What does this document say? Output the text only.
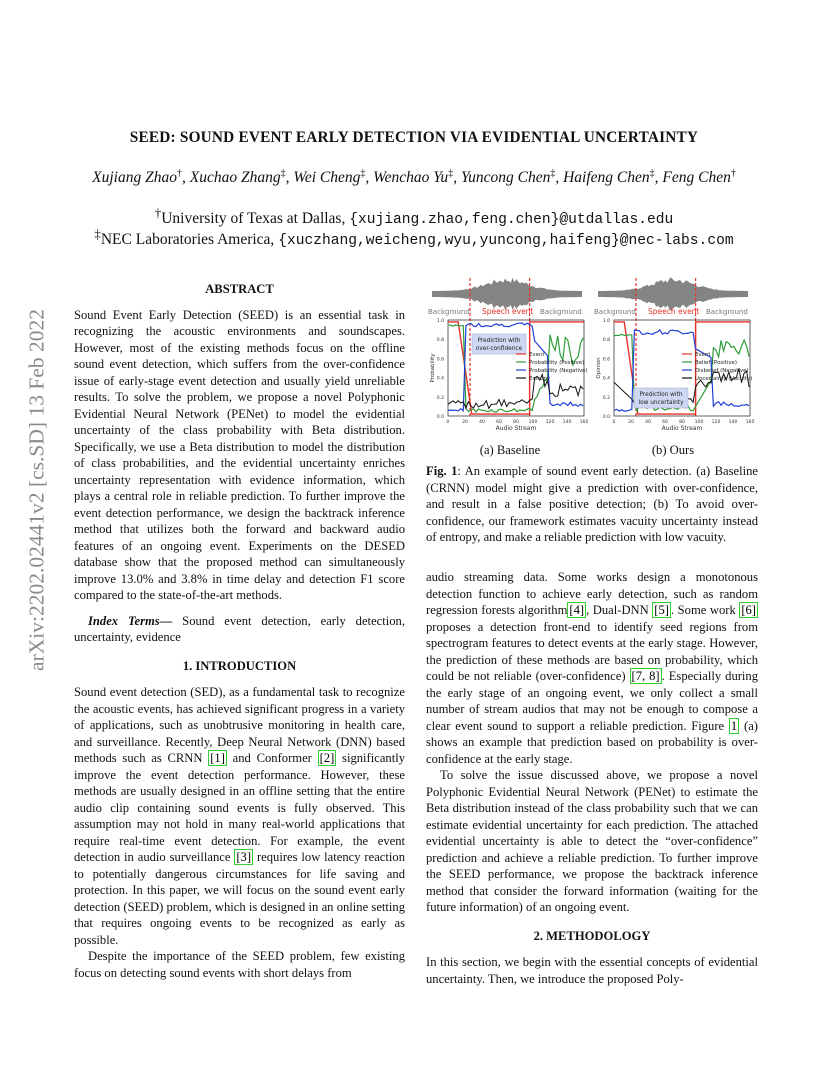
arXiv:2202.02441v2 [cs.SD] 13 Feb 2022
SEED: SOUND EVENT EARLY DETECTION VIA EVIDENTIAL UNCERTAINTY
Xujiang Zhao†, Xuchao Zhang‡, Wei Cheng‡, Wenchao Yu‡, Yuncong Chen‡, Haifeng Chen‡, Feng Chen†
†University of Texas at Dallas, {xujiang.zhao,feng.chen}@utdallas.edu
‡NEC Laboratories America, {xuczhang,weicheng,wyu,yuncong,haifeng}@nec-labs.com

ABSTRACT

Sound Event Early Detection (SEED) is an essential task in recognizing the acoustic environments and soundscapes. However, most of the existing methods focus on the offline sound event detection, which suffers from the over-confidence issue of early-stage event detection and usually yield unreliable results. To solve the problem, we propose a novel Polyphonic Evidential Neural Network (PENet) to model the evidential uncertainty of the class probability with Beta distribution. Specifically, we use a Beta distribution to model the distribution of class probabilities, and the evidential uncertainty enriches uncertainty representation with evidence information, which plays a central role in reliable prediction. To further improve the event detection performance, we design the backtrack inference method that utilizes both the forward and backward audio features of an ongoing event. Experiments on the DESED database show that the proposed method can simultaneously improve 13.0% and 3.8% in time delay and detection F1 score compared to the state-of-the-art methods.

Index Terms— Sound event detection, early detection, uncertainty, evidence

1. INTRODUCTION

Sound event detection (SED), as a fundamental task to recognize the acoustic events, has achieved significant progress in a variety of applications, such as unobtrusive monitoring in health care, and surveillance. Recently, Deep Neural Network (DNN) based methods such as CRNN [1] and Conformer [2] significantly improve the event detection performance. However, these methods are usually designed in an offline setting that the entire audio clip containing sound events is fully observed. This assumption may not hold in many real-world applications that require real-time event detection. For example, the event detection in audio surveillance [3] requires low latency reaction to potentially dangerous circumstances for life saving and protection. In this paper, we will focus on the sound event early detection (SEED) problem, which is designed in an online setting that requires ongoing events to be recognized as early as possible.

Despite the importance of the SEED problem, few existing focus on detecting sound events with short delays from

Background Speech event Background
1.0
0.8
0.6
0.4
0.2
0.0
0	20 40 60 80 100 120 140 160
Audio Stream
Probability
Prediction with
over-confidence
Event
Probability (Positive)
Probability (Negative)
Entropy
Background Speech event Background
1.0
0.8
0.6
0.4
0.2
0.0
0	20 40 60 80 100 120 140 160
Audio Stream
Opinion
Prediction with
low uncertainty
Event
Belief (Positive)
Disbelief (Negative)
Uncertainty (Vacuity)
(a) Baseline	(b) Ours
Fig. 1: An example of sound event early detection. (a) Baseline (CRNN) model might give a prediction with over-confidence, and result in a false positive detection; (b) To avoid over-confidence, our framework estimates vacuity uncertainty instead of entropy, and make a reliable prediction with low vacuity.

audio streaming data. Some works design a monotonous detection function to achieve early detection, such as random regression forests algorithm [4] , Dual-DNN [5] . Some work [6] proposes a detection front-end to identify seed regions from spectrogram features to detect events at the early stage. However, the prediction of these methods are based on probability, which could be not reliable (over-confidence) [7, 8] . Especially during the early stage of an ongoing event, we only collect a small number of stream audios that may not be enough to compose a clear event sound to support a reliable prediction. Figure 1 (a) shows an example that prediction based on probability is over-confidence at the early stage.

To solve the issue discussed above, we propose a novel Polyphonic Evidential Neural Network (PENet) to estimate the Beta distribution instead of the class probability such that we can estimate evidential uncertainty for each prediction. The attached evidential uncertainty is able to detect the “over-confidence” prediction and achieve a reliable prediction. To further improve the SEED performance, we propose the backtrack inference method that consider the forward information (waiting for the future information) of an ongoing event.

2. METHODOLOGY

In this section, we begin with the essential concepts of evidential uncertainty. Then, we introduce the proposed Poly-
